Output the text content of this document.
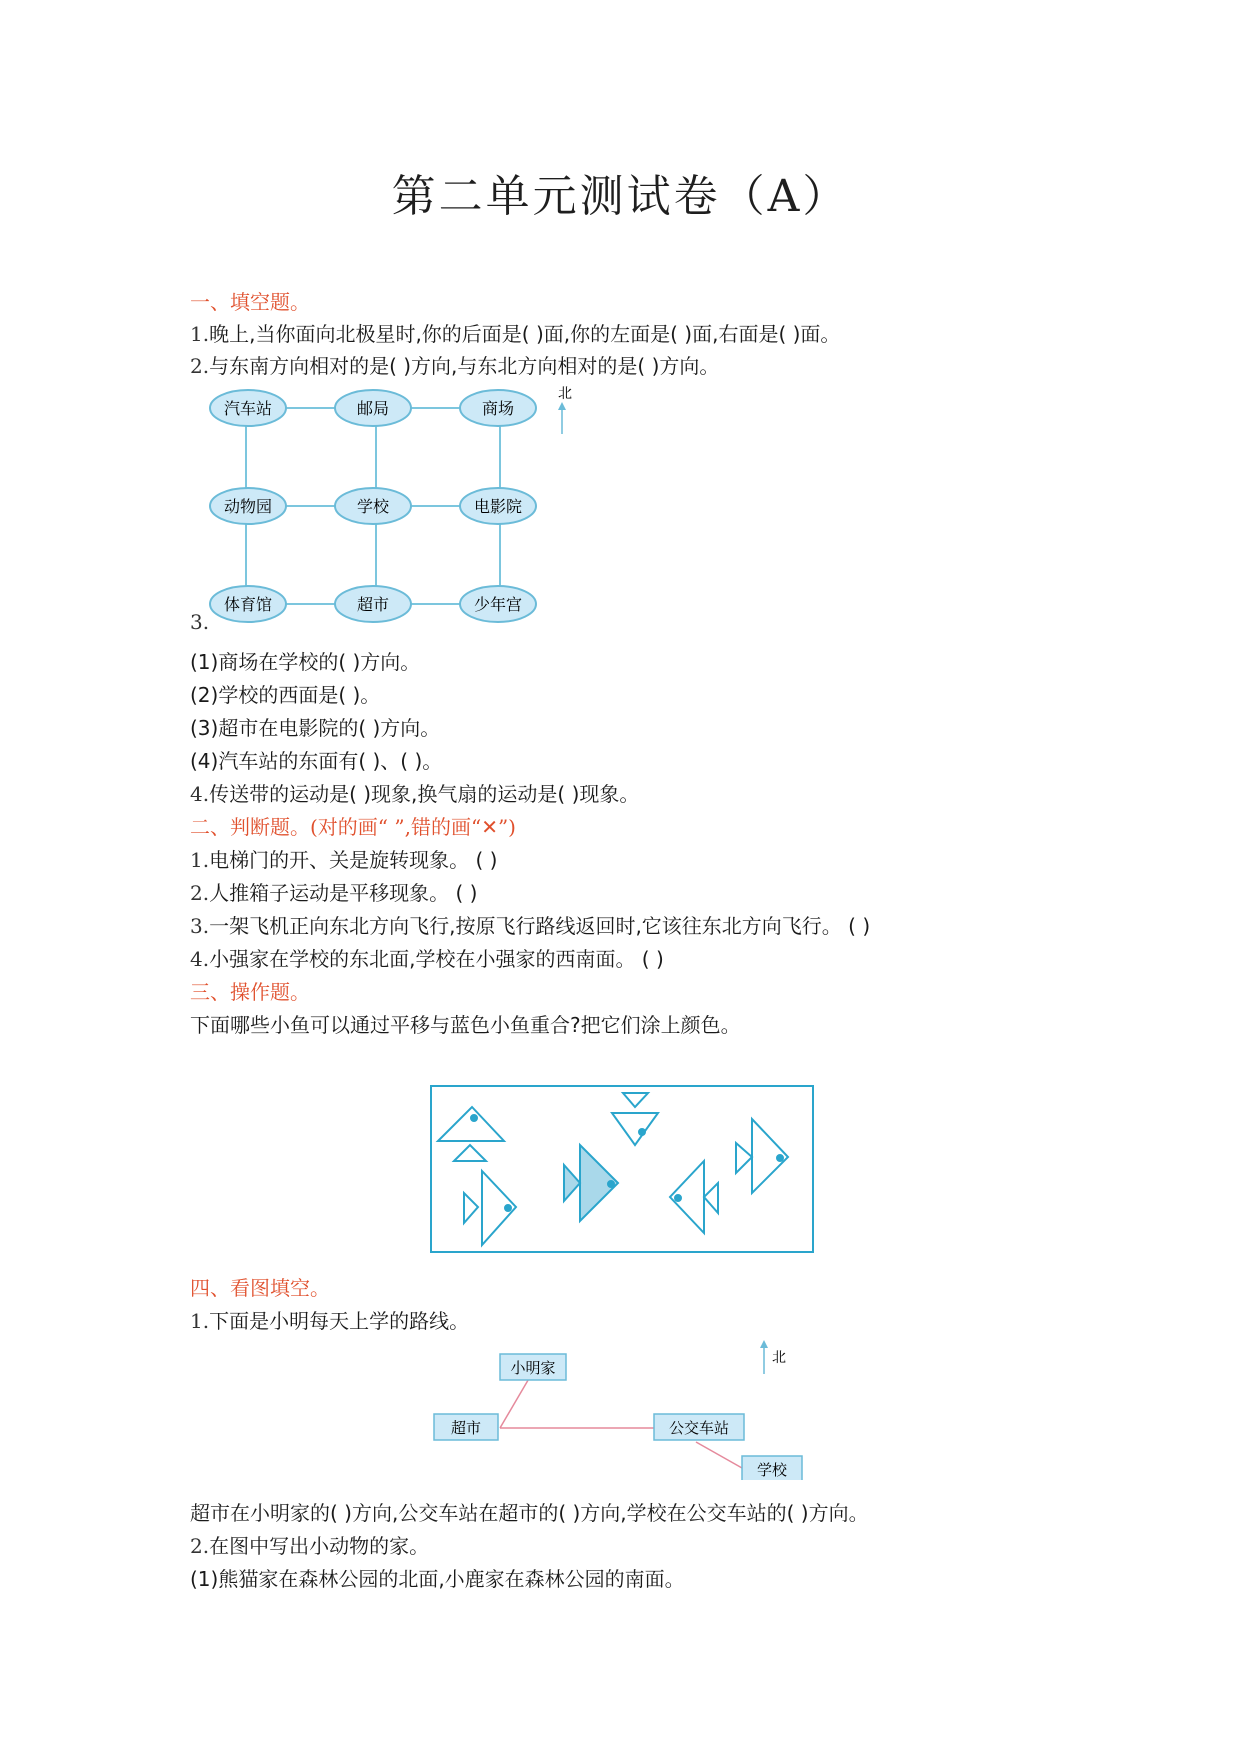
第二单元测试卷（A）
一、填空题。
1.晚上,当你面向北极星时,你的后面是( )面,你的左面是( )面,右面是( )面。
2.与东南方向相对的是( )方向,与东北方向相对的是( )方向。
汽车站	邮局	商场
动物园	学校	电影院
体育馆	超市	少年宫
北
3.
(1)商场在学校的( )方向。
(2)学校的西面是( )。
(3)超市在电影院的( )方向。
(4)汽车站的东面有( )、( )。
4.传送带的运动是( )现象,换气扇的运动是( )现象。
二、判断题。(对的画“ ”,错的画“✕”)
1.电梯门的开、关是旋转现象。 ( )
2.人推箱子运动是平移现象。 ( )
3.一架飞机正向东北方向飞行,按原飞行路线返回时,它该往东北方向飞行。 ( )
4.小强家在学校的东北面,学校在小强家的西南面。 ( )
三、操作题。
下面哪些小鱼可以通过平移与蓝色小鱼重合?把它们涂上颜色。
四、看图填空。
1.下面是小明每天上学的路线。
小明家
超市	公交车站
学校
北
超市在小明家的( )方向,公交车站在超市的( )方向,学校在公交车站的( )方向。
2.在图中写出小动物的家。
(1)熊猫家在森林公园的北面,小鹿家在森林公园的南面。
